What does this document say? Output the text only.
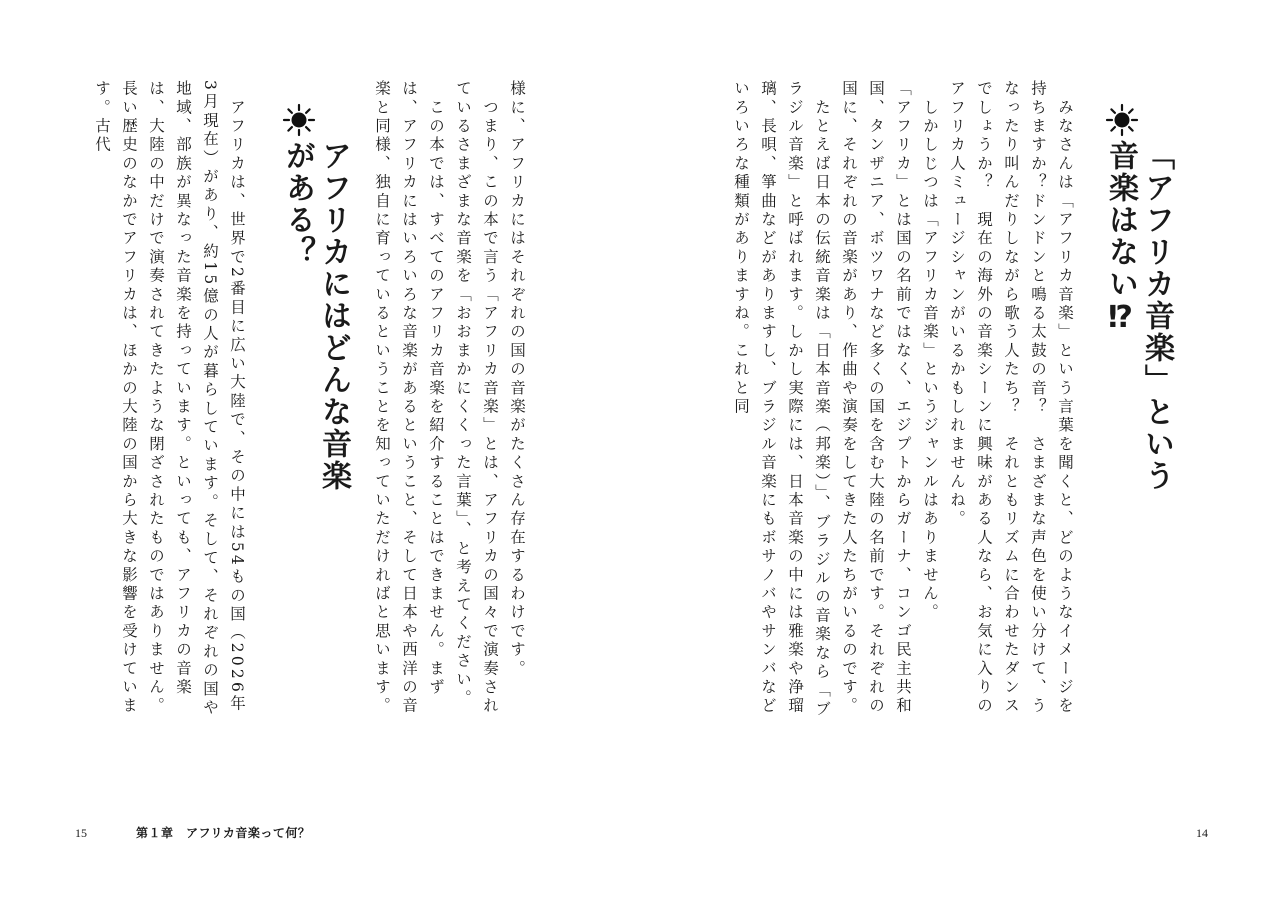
「アフリカ音楽」という音楽はない⁉

　みなさんは「アフリカ音楽」という言葉を聞くと、どのようなイメージを持ちますか？ドンドンと鳴る太鼓の音？　さまざまな声色を使い分けて、うなったり叫んだりしながら歌う人たち？　それともリズムに合わせたダンスでしょうか？　現在の海外の音楽シーンに興味がある人なら、お気に入りのアフリカ人ミュージシャンがいるかもしれませんね。

　しかしじつは「アフリカ音楽」というジャンルはありません。

「アフリカ」とは国の名前ではなく、エジプトからガーナ、コンゴ民主共和国、タンザニア、ボツワナなど多くの国を含む大陸の名前です。それぞれの国に、それぞれの音楽があり、作曲や演奏をしてきた人たちがいるのです。

　たとえば日本の伝統音楽は「日本音楽（邦楽）」、ブラジルの音楽なら「ブラジル音楽」と呼ばれます。しかし実際には、日本音楽の中には雅楽や浄瑠璃、長唄、箏曲などがありますし、ブラジル音楽にもボサノバやサンバなどいろいろな種類がありますね。これと同

14

様に、アフリカにはそれぞれの国の音楽がたくさん存在するわけです。

　つまり、この本で言う「アフリカ音楽」とは、アフリカの国々で演奏されているさまざまな音楽を「おおまかにくくった言葉」、と考えてください。

　この本では、すべてのアフリカ音楽を紹介することはできません。まずは、アフリカにはいろいろな音楽があるということ、そして日本や西洋の音楽と同様、独自に育っているということを知っていただければと思います。

アフリカにはどんな音楽がある？

　アフリカは、世界で2番目に広い大陸で、その中には54もの国（2026年3月現在）があり、約15億の人が暮らしています。そして、それぞれの国や地域、部族が異なった音楽を持っています。といっても、アフリカの音楽は、大陸の中だけで演奏されてきたような閉ざされたものではありません。

長い歴史のなかでアフリカは、ほかの大陸の国から大きな影響を受けています。古代

15	第１章　アフリカ音楽って何？
